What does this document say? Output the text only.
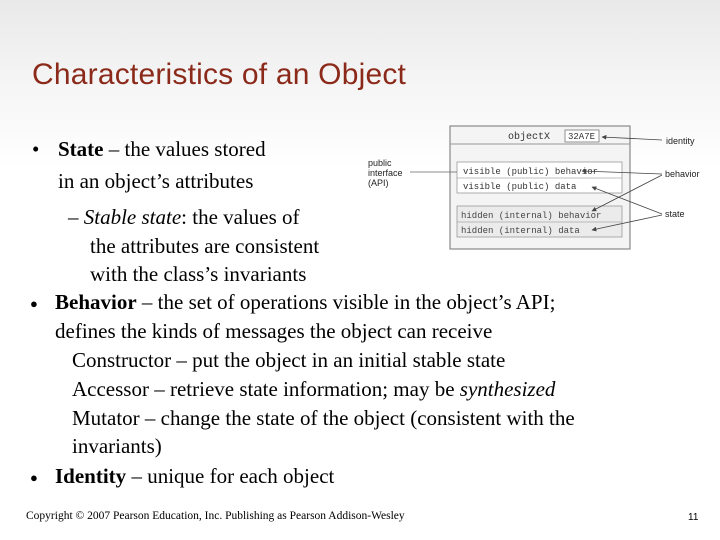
Characteristics of an Object
• State – the values stored
in an object’s attributes
– Stable state: the values of
the attributes are consistent
with the class’s invariants
● Behavior – the set of operations visible in the object’s API;
defines the kinds of messages the object can receive
Constructor – put the object in an initial stable state
Accessor – retrieve state information; may be synthesized
Mutator – change the state of the object (consistent with the
invariants)
● Identity – unique for each object
objectX 32A7E
visible (public) behavior
visible (public) data
hidden (internal) behavior
hidden (internal) data
public
interface
(API)
identity
behavior
state
Copyright © 2007 Pearson Education, Inc. Publishing as Pearson Addison-Wesley	11
